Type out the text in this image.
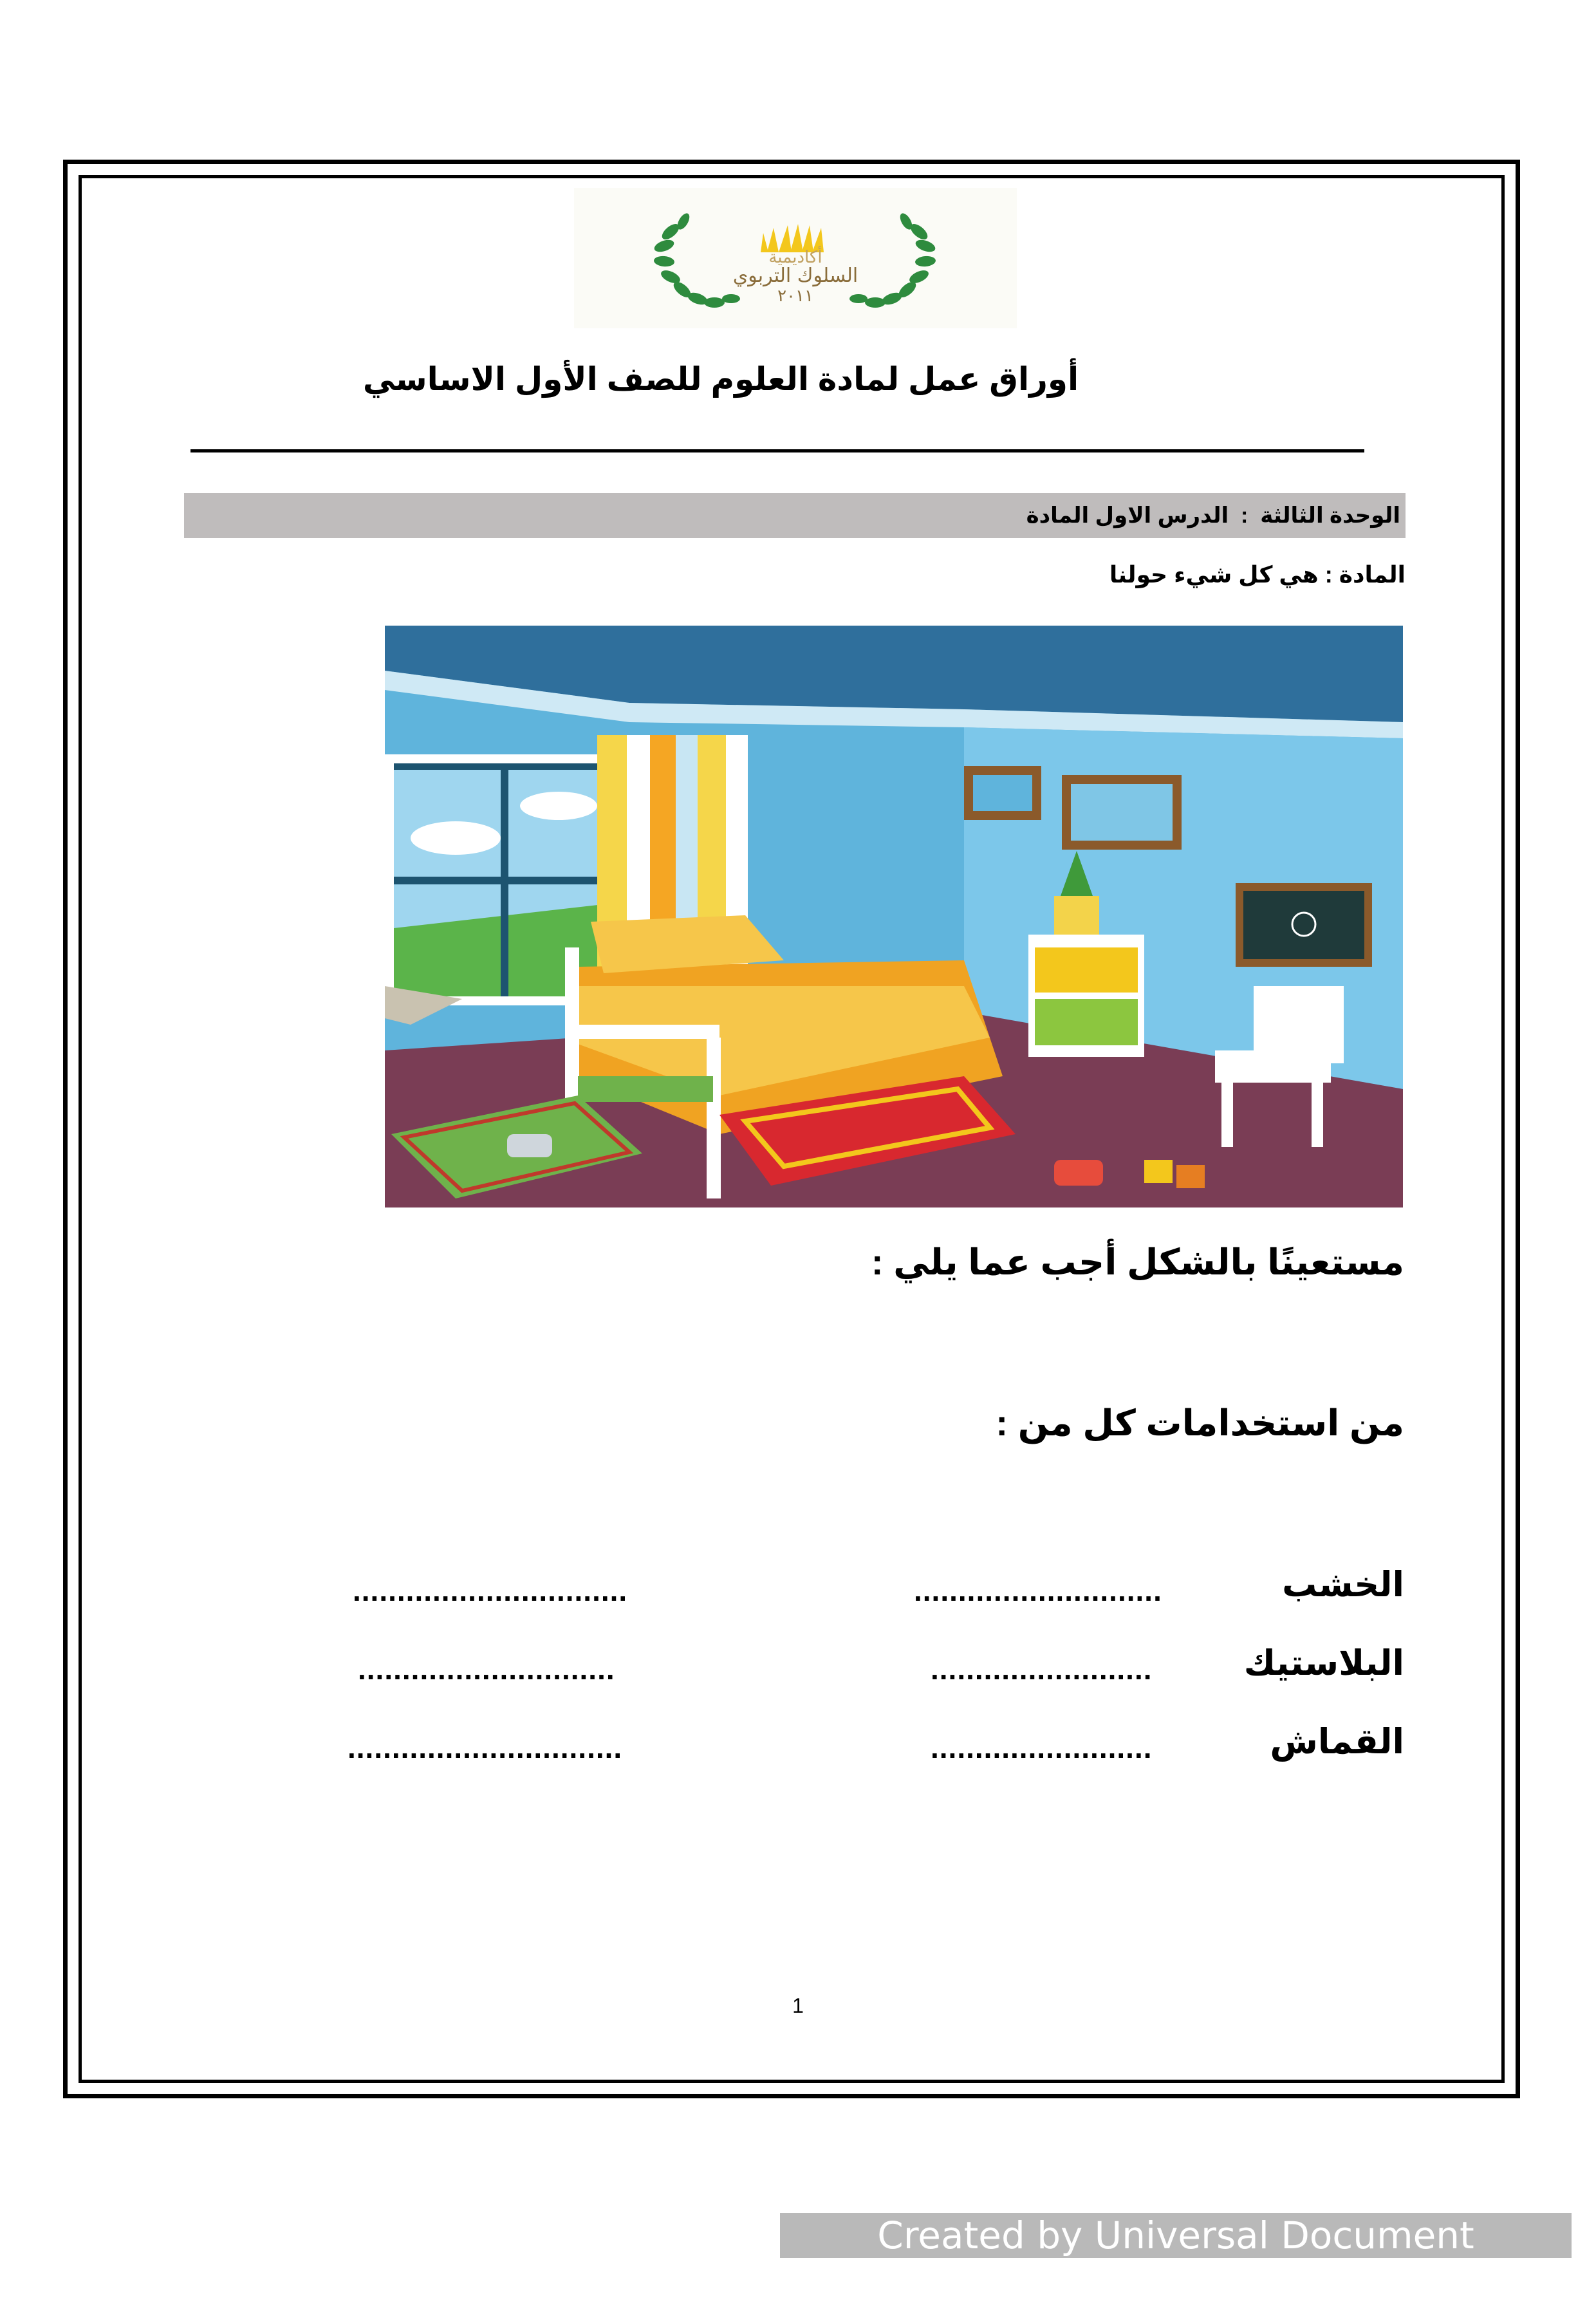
أكاديمية
السلوك التربوي
٢٠١١
أوراق عمل لمادة العلوم للصف الأول الاساسي
الوحدة الثالثة  :  الدرس الاول المادة
المادة : هي كل شيء حولنا
مستعينًا بالشكل أجب عما يلي :
من استخدامات كل من :
الخشب
............................
...............................
البلاستيك
.........................
.............................
القماش
.........................
...............................
1
Created by Universal Document Converter
